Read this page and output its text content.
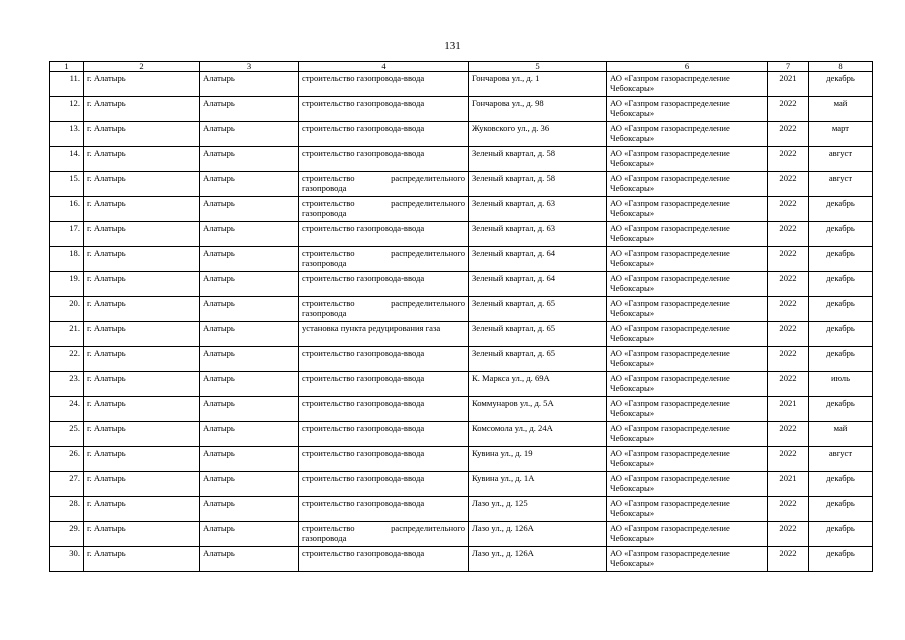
131
1	2	3	4	5	6	7	8
11.	г. Алатырь	Алатырь	строительство газопровода-ввода	Гончарова ул., д. 1	АО «Газпром газораспределение Чебоксары»	2021	декабрь
12.	г. Алатырь	Алатырь	строительство газопровода-ввода	Гончарова ул., д. 98	АО «Газпром газораспределение Чебоксары»	2022	май
13.	г. Алатырь	Алатырь	строительство газопровода-ввода	Жуковского ул., д. 36	АО «Газпром газораспределение Чебоксары»	2022	март
14.	г. Алатырь	Алатырь	строительство газопровода-ввода	Зеленый квартал, д. 58	АО «Газпром газораспределение Чебоксары»	2022	август
15.	г. Алатырь	Алатырь	строительство распределительного газопровода	Зеленый квартал, д. 58	АО «Газпром газораспределение Чебоксары»	2022	август
16.	г. Алатырь	Алатырь	строительство распределительного газопровода	Зеленый квартал, д. 63	АО «Газпром газораспределение Чебоксары»	2022	декабрь
17.	г. Алатырь	Алатырь	строительство газопровода-ввода	Зеленый квартал, д. 63	АО «Газпром газораспределение Чебоксары»	2022	декабрь
18.	г. Алатырь	Алатырь	строительство распределительного газопровода	Зеленый квартал, д. 64	АО «Газпром газораспределение Чебоксары»	2022	декабрь
19.	г. Алатырь	Алатырь	строительство газопровода-ввода	Зеленый квартал, д. 64	АО «Газпром газораспределение Чебоксары»	2022	декабрь
20.	г. Алатырь	Алатырь	строительство распределительного газопровода	Зеленый квартал, д. 65	АО «Газпром газораспределение Чебоксары»	2022	декабрь
21.	г. Алатырь	Алатырь	установка пункта редуцирования газа	Зеленый квартал, д. 65	АО «Газпром газораспределение Чебоксары»	2022	декабрь
22.	г. Алатырь	Алатырь	строительство газопровода-ввода	Зеленый квартал, д. 65	АО «Газпром газораспределение Чебоксары»	2022	декабрь
23.	г. Алатырь	Алатырь	строительство газопровода-ввода	К. Маркса ул., д. 69А	АО «Газпром газораспределение Чебоксары»	2022	июль
24.	г. Алатырь	Алатырь	строительство газопровода-ввода	Коммунаров ул., д. 5А	АО «Газпром газораспределение Чебоксары»	2021	декабрь
25.	г. Алатырь	Алатырь	строительство газопровода-ввода	Комсомола ул., д. 24А	АО «Газпром газораспределение Чебоксары»	2022	май
26.	г. Алатырь	Алатырь	строительство газопровода-ввода	Кувина ул., д. 19	АО «Газпром газораспределение Чебоксары»	2022	август
27.	г. Алатырь	Алатырь	строительство газопровода-ввода	Кувина ул., д. 1А	АО «Газпром газораспределение Чебоксары»	2021	декабрь
28.	г. Алатырь	Алатырь	строительство газопровода-ввода	Лазо ул., д. 125	АО «Газпром газораспределение Чебоксары»	2022	декабрь
29.	г. Алатырь	Алатырь	строительство распределительного газопровода	Лазо ул., д. 126А	АО «Газпром газораспределение Чебоксары»	2022	декабрь
30.	г. Алатырь	Алатырь	строительство газопровода-ввода	Лазо ул., д. 126А	АО «Газпром газораспределение Чебоксары»	2022	декабрь
